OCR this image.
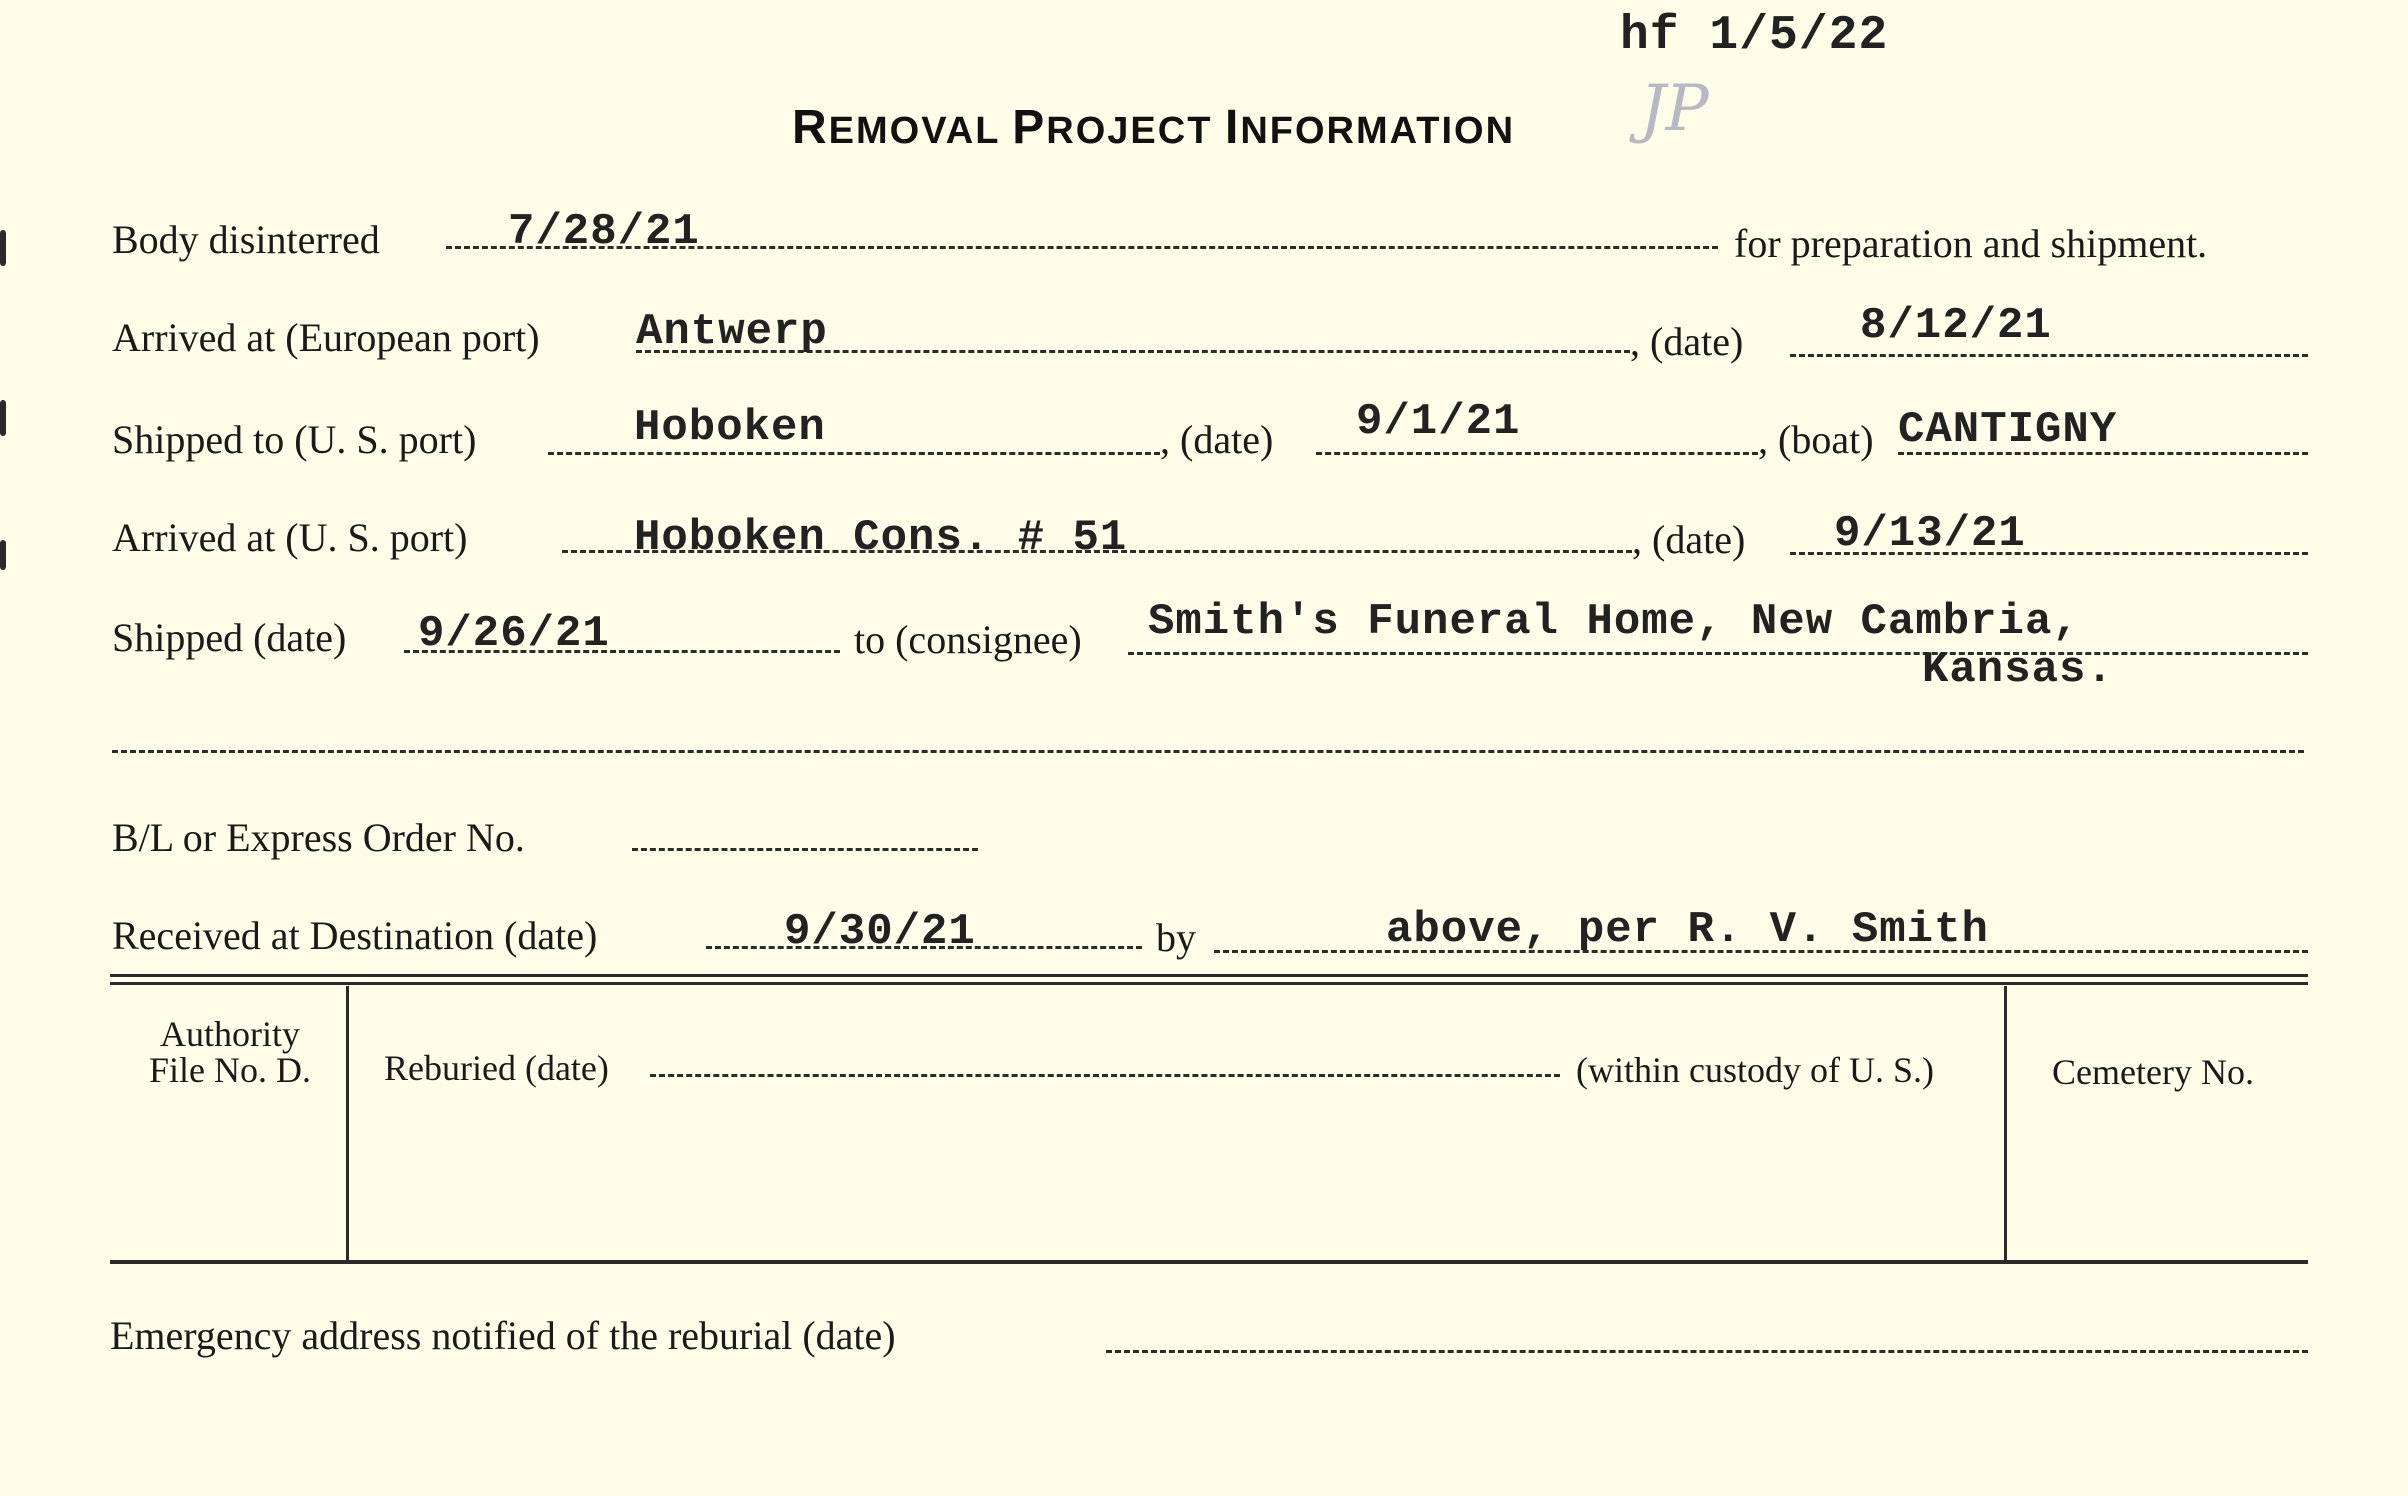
hf 1/5/22
REMOVAL PROJECT INFORMATION JP
Body disinterred	7/28/21	for preparation and shipment.
Arrived at (European port) Antwerp	, (date)	8/12/21
Shipped to (U. S. port)	Hoboken	, (date) 9/1/21	, (boat) CANTIGNY
Arrived at (U. S. port)	Hoboken Cons. # 51	, (date) 9/13/21
Shipped (date) 9/26/21	to (consignee) Smith's Funeral Home, New Cambria,
Kansas.
B/L or Express Order No.
Received at Destination (date)	9/30/21	by	above, per R. V. Smith
Authority
File No. D.	Reburied (date)	(within custody of U. S.)	Cemetery No.
Emergency address notified of the reburial (date)
